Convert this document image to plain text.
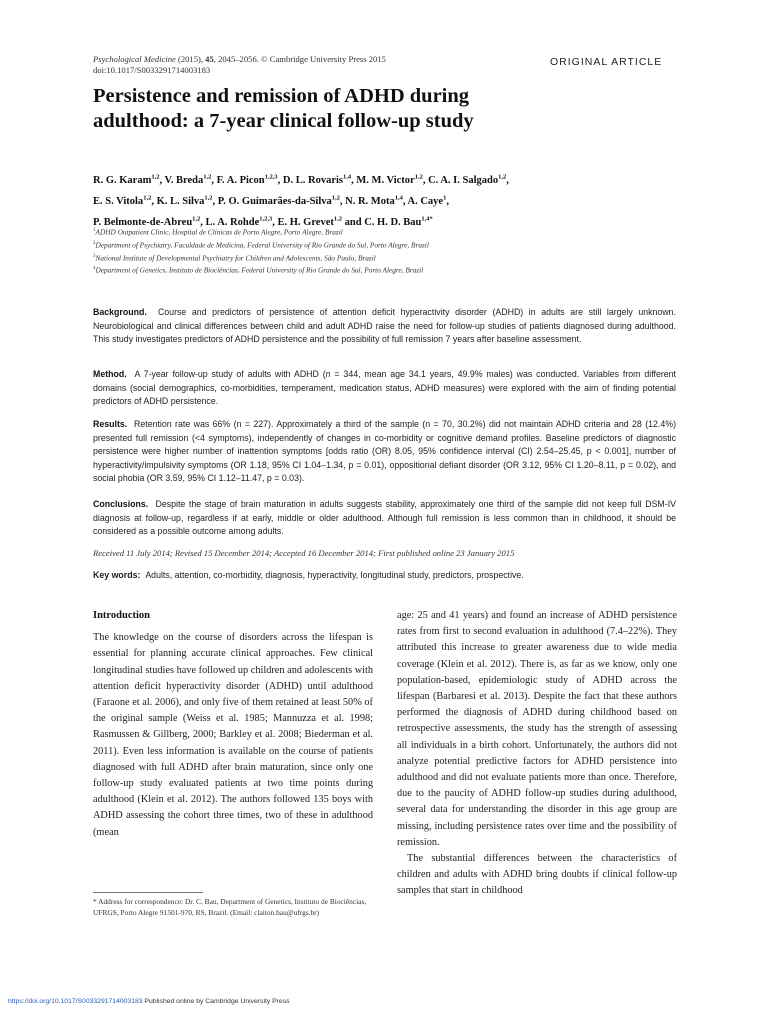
Psychological Medicine (2015), 45, 2045–2056. © Cambridge University Press 2015
doi:10.1017/S0033291714003183
ORIGINAL ARTICLE
Persistence and remission of ADHD during
adulthood: a 7-year clinical follow-up study
R. G. Karam$^{1,2}$, V. Breda$^{1,2}$, F. A. Picon$^{1,2,3}$, D. L. Rovaris$^{1,4}$, M. M. Victor$^{1,2}$, C. A. I. Salgado$^{1,2}$,
E. S. Vitola$^{1,2}$, K. L. Silva$^{1,2}$, P. O. Guimarães-da-Silva$^{1,2}$, N. R. Mota$^{1,4}$, A. Caye$^1$,
P. Belmonte-de-Abreu$^{1,2}$, L. A. Rohde$^{1,2,3}$, E. H. Grevet$^{1,2}$ and C. H. D. Bau$^{1,4*}$
$^1$ADHD Outpatient Clinic, Hospital de Clínicas de Porto Alegre, Porto Alegre, Brazil
$^2$Department of Psychiatry, Faculdade de Medicina, Federal University of Rio Grande do Sul, Porto Alegre, Brazil
$^3$National Institute of Developmental Psychiatry for Children and Adolescents, São Paulo, Brazil
$^4$Department of Genetics, Instituto de Biociências, Federal University of Rio Grande do Sul, Porto Alegre, Brazil
Background. Course and predictors of persistence of attention deficit hyperactivity disorder (ADHD) in adults are still largely unknown. Neurobiological and clinical differences between child and adult ADHD raise the need for follow-up studies of patients diagnosed during adulthood. This study investigates predictors of ADHD persistence and the possibility of full remission 7 years after baseline assessment.
Method. A 7-year follow-up study of adults with ADHD (n = 344, mean age 34.1 years, 49.9% males) was conducted. Variables from different domains (social demographics, co-morbidities, temperament, medication status, ADHD measures) were explored with the aim of finding potential predictors of ADHD persistence.
Results. Retention rate was 66% (n = 227). Approximately a third of the sample (n = 70, 30.2%) did not maintain ADHD criteria and 28 (12.4%) presented full remission (<4 symptoms), independently of changes in co-morbidity or cognitive demand profiles. Baseline predictors of diagnostic persistence were higher number of inattention symptoms [odds ratio (OR) 8.05, 95% confidence interval (CI) 2.54–25.45, p < 0.001], number of hyperactivity/impulsivity symptoms (OR 1.18, 95% CI 1.04–1.34, p = 0.01), oppositional defiant disorder (OR 3.12, 95% CI 1.20–8.11, p = 0.02), and social phobia (OR 3.59, 95% CI 1.12–11.47, p = 0.03).
Conclusions. Despite the stage of brain maturation in adults suggests stability, approximately one third of the sample did not keep full DSM-IV diagnosis at follow-up, regardless if at early, middle or older adulthood. Although full remission is less common than in childhood, it should be considered as a possible outcome among adults.
Received 11 July 2014; Revised 15 December 2014; Accepted 16 December 2014; First published online 23 January 2015
Key words: Adults, attention, co-morbidity, diagnosis, hyperactivity, longitudinal study, predictors, prospective.
Introduction

The knowledge on the course of disorders across the lifespan is essential for planning accurate clinical approaches. Few clinical longitudinal studies have followed up children and adolescents with attention deficit hyperactivity disorder (ADHD) until adulthood (Faraone et al. 2006), and only five of them retained at least 50% of the original sample (Weiss et al. 1985; Mannuzza et al. 1998; Rasmussen & Gillberg, 2000; Barkley et al. 2008; Biederman et al. 2011). Even less information is available on the course of patients diagnosed with full ADHD after brain maturation, since only one follow-up study evaluated patients at two time points during adulthood (Klein et al. 2012). The authors followed 135 boys with ADHD assessing the cohort three times, two of these in adulthood (mean

age: 25 and 41 years) and found an increase of ADHD persistence rates from first to second evaluation in adulthood (7.4–22%). They attributed this increase to greater awareness due to wide media coverage (Klein et al. 2012). There is, as far as we know, only one population-based, epidemiologic study of ADHD across the lifespan (Barbaresi et al. 2013). Despite the fact that these authors performed the diagnosis of ADHD during childhood based on retrospective assessments, the study has the strength of assessing all individuals in a birth cohort. Unfortunately, the authors did not analyze potential predictive factors for ADHD persistence into adulthood and did not evaluate patients more than once. Therefore, due to the paucity of ADHD follow-up studies during adulthood, several data for understanding the disorder in this age group are missing, including persistence rates over time and the possibility of remission.

The substantial differences between the characteristics of children and adults with ADHD bring doubts if clinical follow-up samples that start in childhood

* Address for correspondence: Dr. C. Bau, Department of Genetics, Instituto de Biociências, UFRGS, Porto Alegre 91501-970, RS, Brazil. (Email: claiton.bau@ufrgs.br)
https://doi.org/10.1017/S0033291714003183 Published online by Cambridge University Press
